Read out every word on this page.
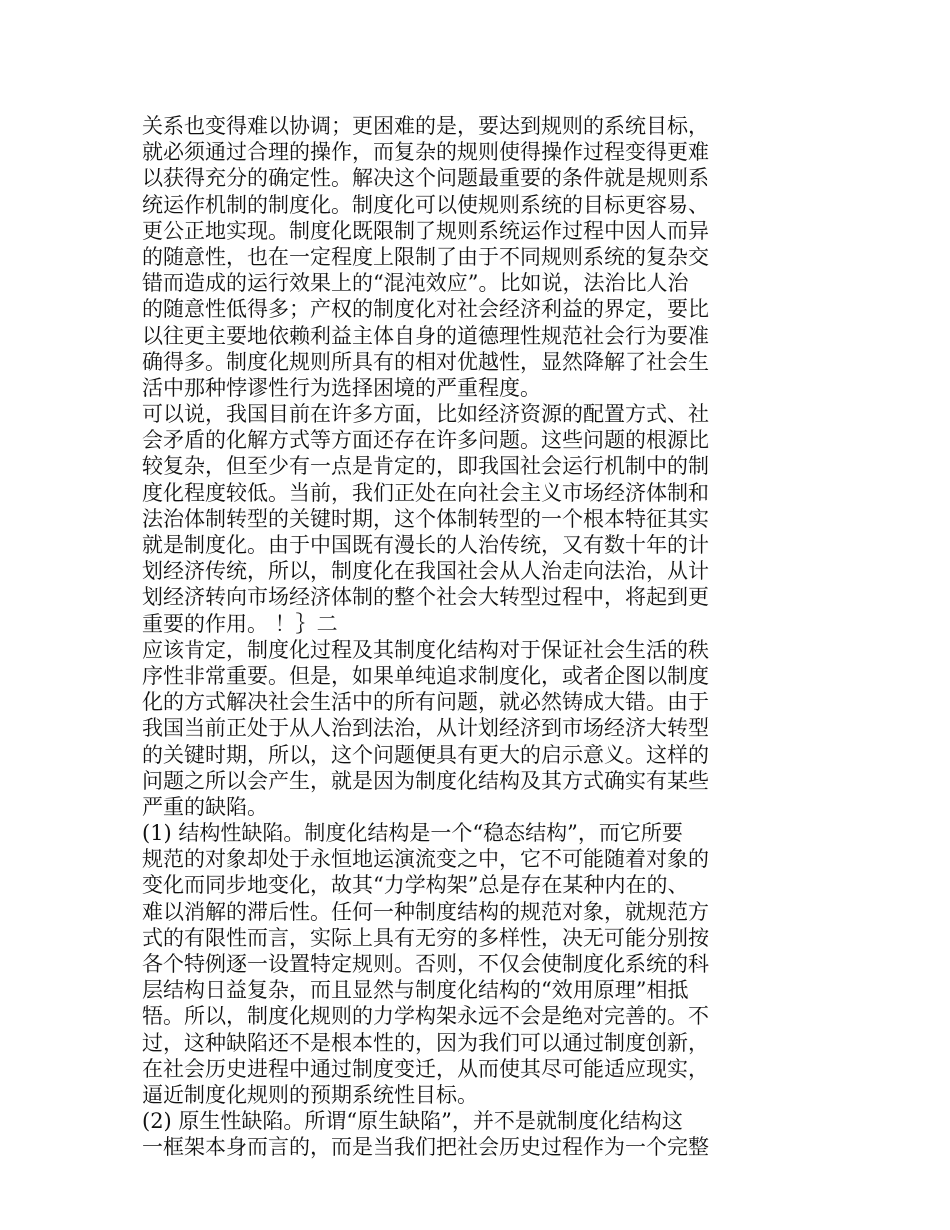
关系也变得难以协调；更困难的是，要达到规则的系统目标，
就必须通过合理的操作，而复杂的规则使得操作过程变得更难
以获得充分的确定性。解决这个问题最重要的条件就是规则系
统运作机制的制度化。制度化可以使规则系统的目标更容易、
更公正地实现。制度化既限制了规则系统运作过程中因人而异
的随意性，也在一定程度上限制了由于不同规则系统的复杂交
错而造成的运行效果上的“混沌效应”。比如说，法治比人治
的随意性低得多；产权的制度化对社会经济利益的界定，要比
以往更主要地依赖利益主体自身的道德理性规范社会行为要准
确得多。制度化规则所具有的相对优越性，显然降解了社会生
活中那种悖谬性行为选择困境的严重程度。
可以说，我国目前在许多方面，比如经济资源的配置方式、社
会矛盾的化解方式等方面还存在许多问题。这些问题的根源比
较复杂，但至少有一点是肯定的，即我国社会运行机制中的制
度化程度较低。当前，我们正处在向社会主义市场经济体制和
法治体制转型的关键时期，这个体制转型的一个根本特征其实
就是制度化。由于中国既有漫长的人治传统，又有数十年的计
划经济传统，所以，制度化在我国社会从人治走向法治，从计
划经济转向市场经济体制的整个社会大转型过程中，将起到更
重要的作用。 ！｝二
应该肯定，制度化过程及其制度化结构对于保证社会生活的秩
序性非常重要。但是，如果单纯追求制度化，或者企图以制度
化的方式解决社会生活中的所有问题，就必然铸成大错。由于
我国当前正处于从人治到法治，从计划经济到市场经济大转型
的关键时期，所以，这个问题便具有更大的启示意义。这样的
问题之所以会产生，就是因为制度化结构及其方式确实有某些
严重的缺陷。
(1) 结构性缺陷。制度化结构是一个“稳态结构”，而它所要
规范的对象却处于永恒地运演流变之中，它不可能随着对象的
变化而同步地变化，故其“力学构架”总是存在某种内在的、
难以消解的滞后性。任何一种制度结构的规范对象，就规范方
式的有限性而言，实际上具有无穷的多样性，决无可能分别按
各个特例逐一设置特定规则。否则，不仅会使制度化系统的科
层结构日益复杂，而且显然与制度化结构的“效用原理”相抵
牾。所以，制度化规则的力学构架永远不会是绝对完善的。不
过，这种缺陷还不是根本性的，因为我们可以通过制度创新，
在社会历史进程中通过制度变迁，从而使其尽可能适应现实，
逼近制度化规则的预期系统性目标。
(2) 原生性缺陷。所谓“原生缺陷”，并不是就制度化结构这
一框架本身而言的，而是当我们把社会历史过程作为一个完整
